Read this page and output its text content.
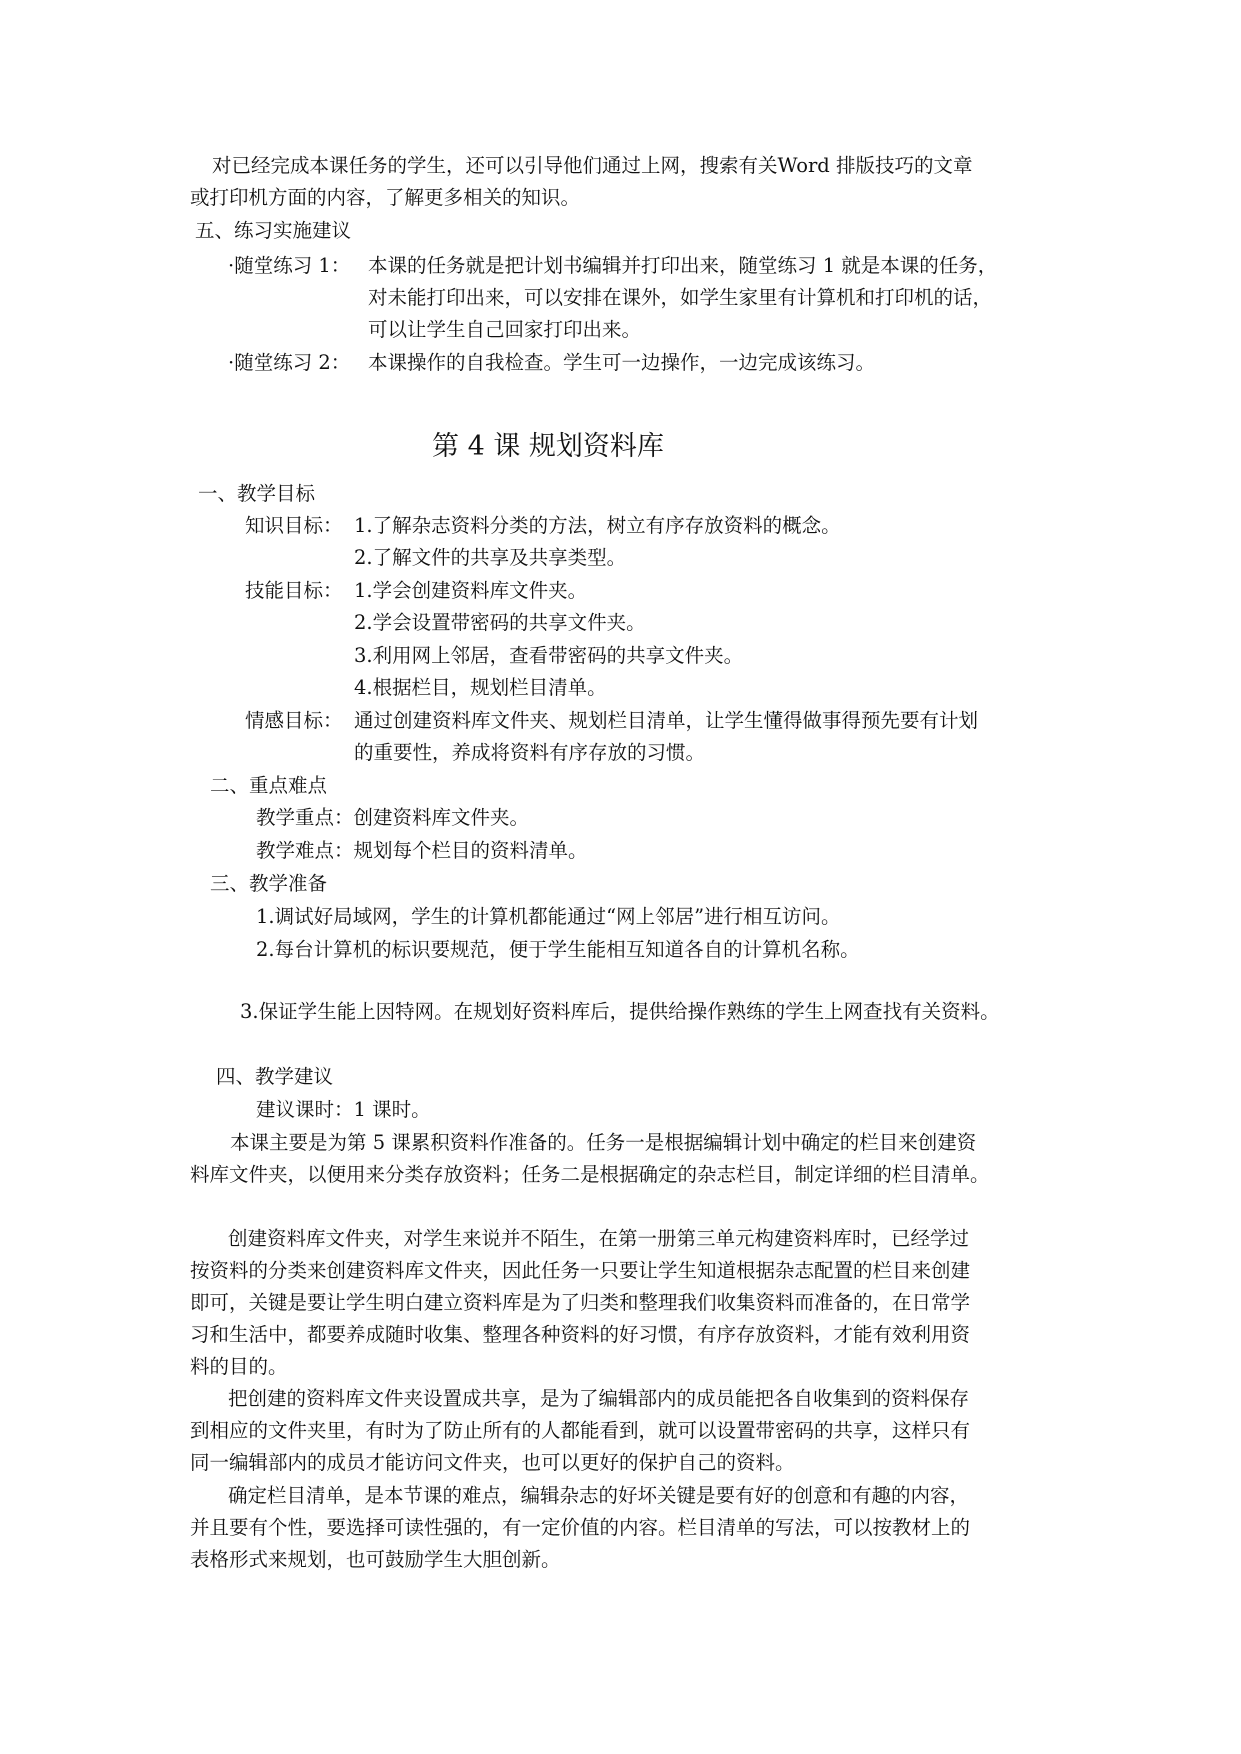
对已经完成本课任务的学生，还可以引导他们通过上网，搜索有关Word 排版技巧的文章
或打印机方面的内容，了解更多相关的知识。
五、练习实施建议
·随堂练习 1： 本课的任务就是把计划书编辑并打印出来，随堂练习 1 就是本课的任务，
对未能打印出来，可以安排在课外，如学生家里有计算机和打印机的话，
可以让学生自己回家打印出来。
·随堂练习 2： 本课操作的自我检查。学生可一边操作，一边完成该练习。
第 4 课 规划资料库
一、教学目标
知识目标： 1.了解杂志资料分类的方法，树立有序存放资料的概念。
2.了解文件的共享及共享类型。
技能目标： 1.学会创建资料库文件夹。
2.学会设置带密码的共享文件夹。
3.利用网上邻居，查看带密码的共享文件夹。
4.根据栏目，规划栏目清单。
情感目标： 通过创建资料库文件夹、规划栏目清单，让学生懂得做事得预先要有计划
的重要性，养成将资料有序存放的习惯。
二、重点难点
教学重点：创建资料库文件夹。
教学难点：规划每个栏目的资料清单。
三、教学准备
1.调试好局域网，学生的计算机都能通过“网上邻居”进行相互访问。
2.每台计算机的标识要规范，便于学生能相互知道各自的计算机名称。
3.保证学生能上因特网。在规划好资料库后，提供给操作熟练的学生上网查找有关资料。
四、教学建议
建议课时：1 课时。
本课主要是为第 5 课累积资料作准备的。任务一是根据编辑计划中确定的栏目来创建资
料库文件夹，以便用来分类存放资料；任务二是根据确定的杂志栏目，制定详细的栏目清单。
创建资料库文件夹，对学生来说并不陌生，在第一册第三单元构建资料库时，已经学过
按资料的分类来创建资料库文件夹，因此任务一只要让学生知道根据杂志配置的栏目来创建
即可，关键是要让学生明白建立资料库是为了归类和整理我们收集资料而准备的，在日常学
习和生活中，都要养成随时收集、整理各种资料的好习惯，有序存放资料，才能有效利用资
料的目的。
把创建的资料库文件夹设置成共享，是为了编辑部内的成员能把各自收集到的资料保存
到相应的文件夹里，有时为了防止所有的人都能看到，就可以设置带密码的共享，这样只有
同一编辑部内的成员才能访问文件夹，也可以更好的保护自己的资料。
确定栏目清单，是本节课的难点，编辑杂志的好坏关键是要有好的创意和有趣的内容，
并且要有个性，要选择可读性强的，有一定价值的内容。栏目清单的写法，可以按教材上的
表格形式来规划，也可鼓励学生大胆创新。
